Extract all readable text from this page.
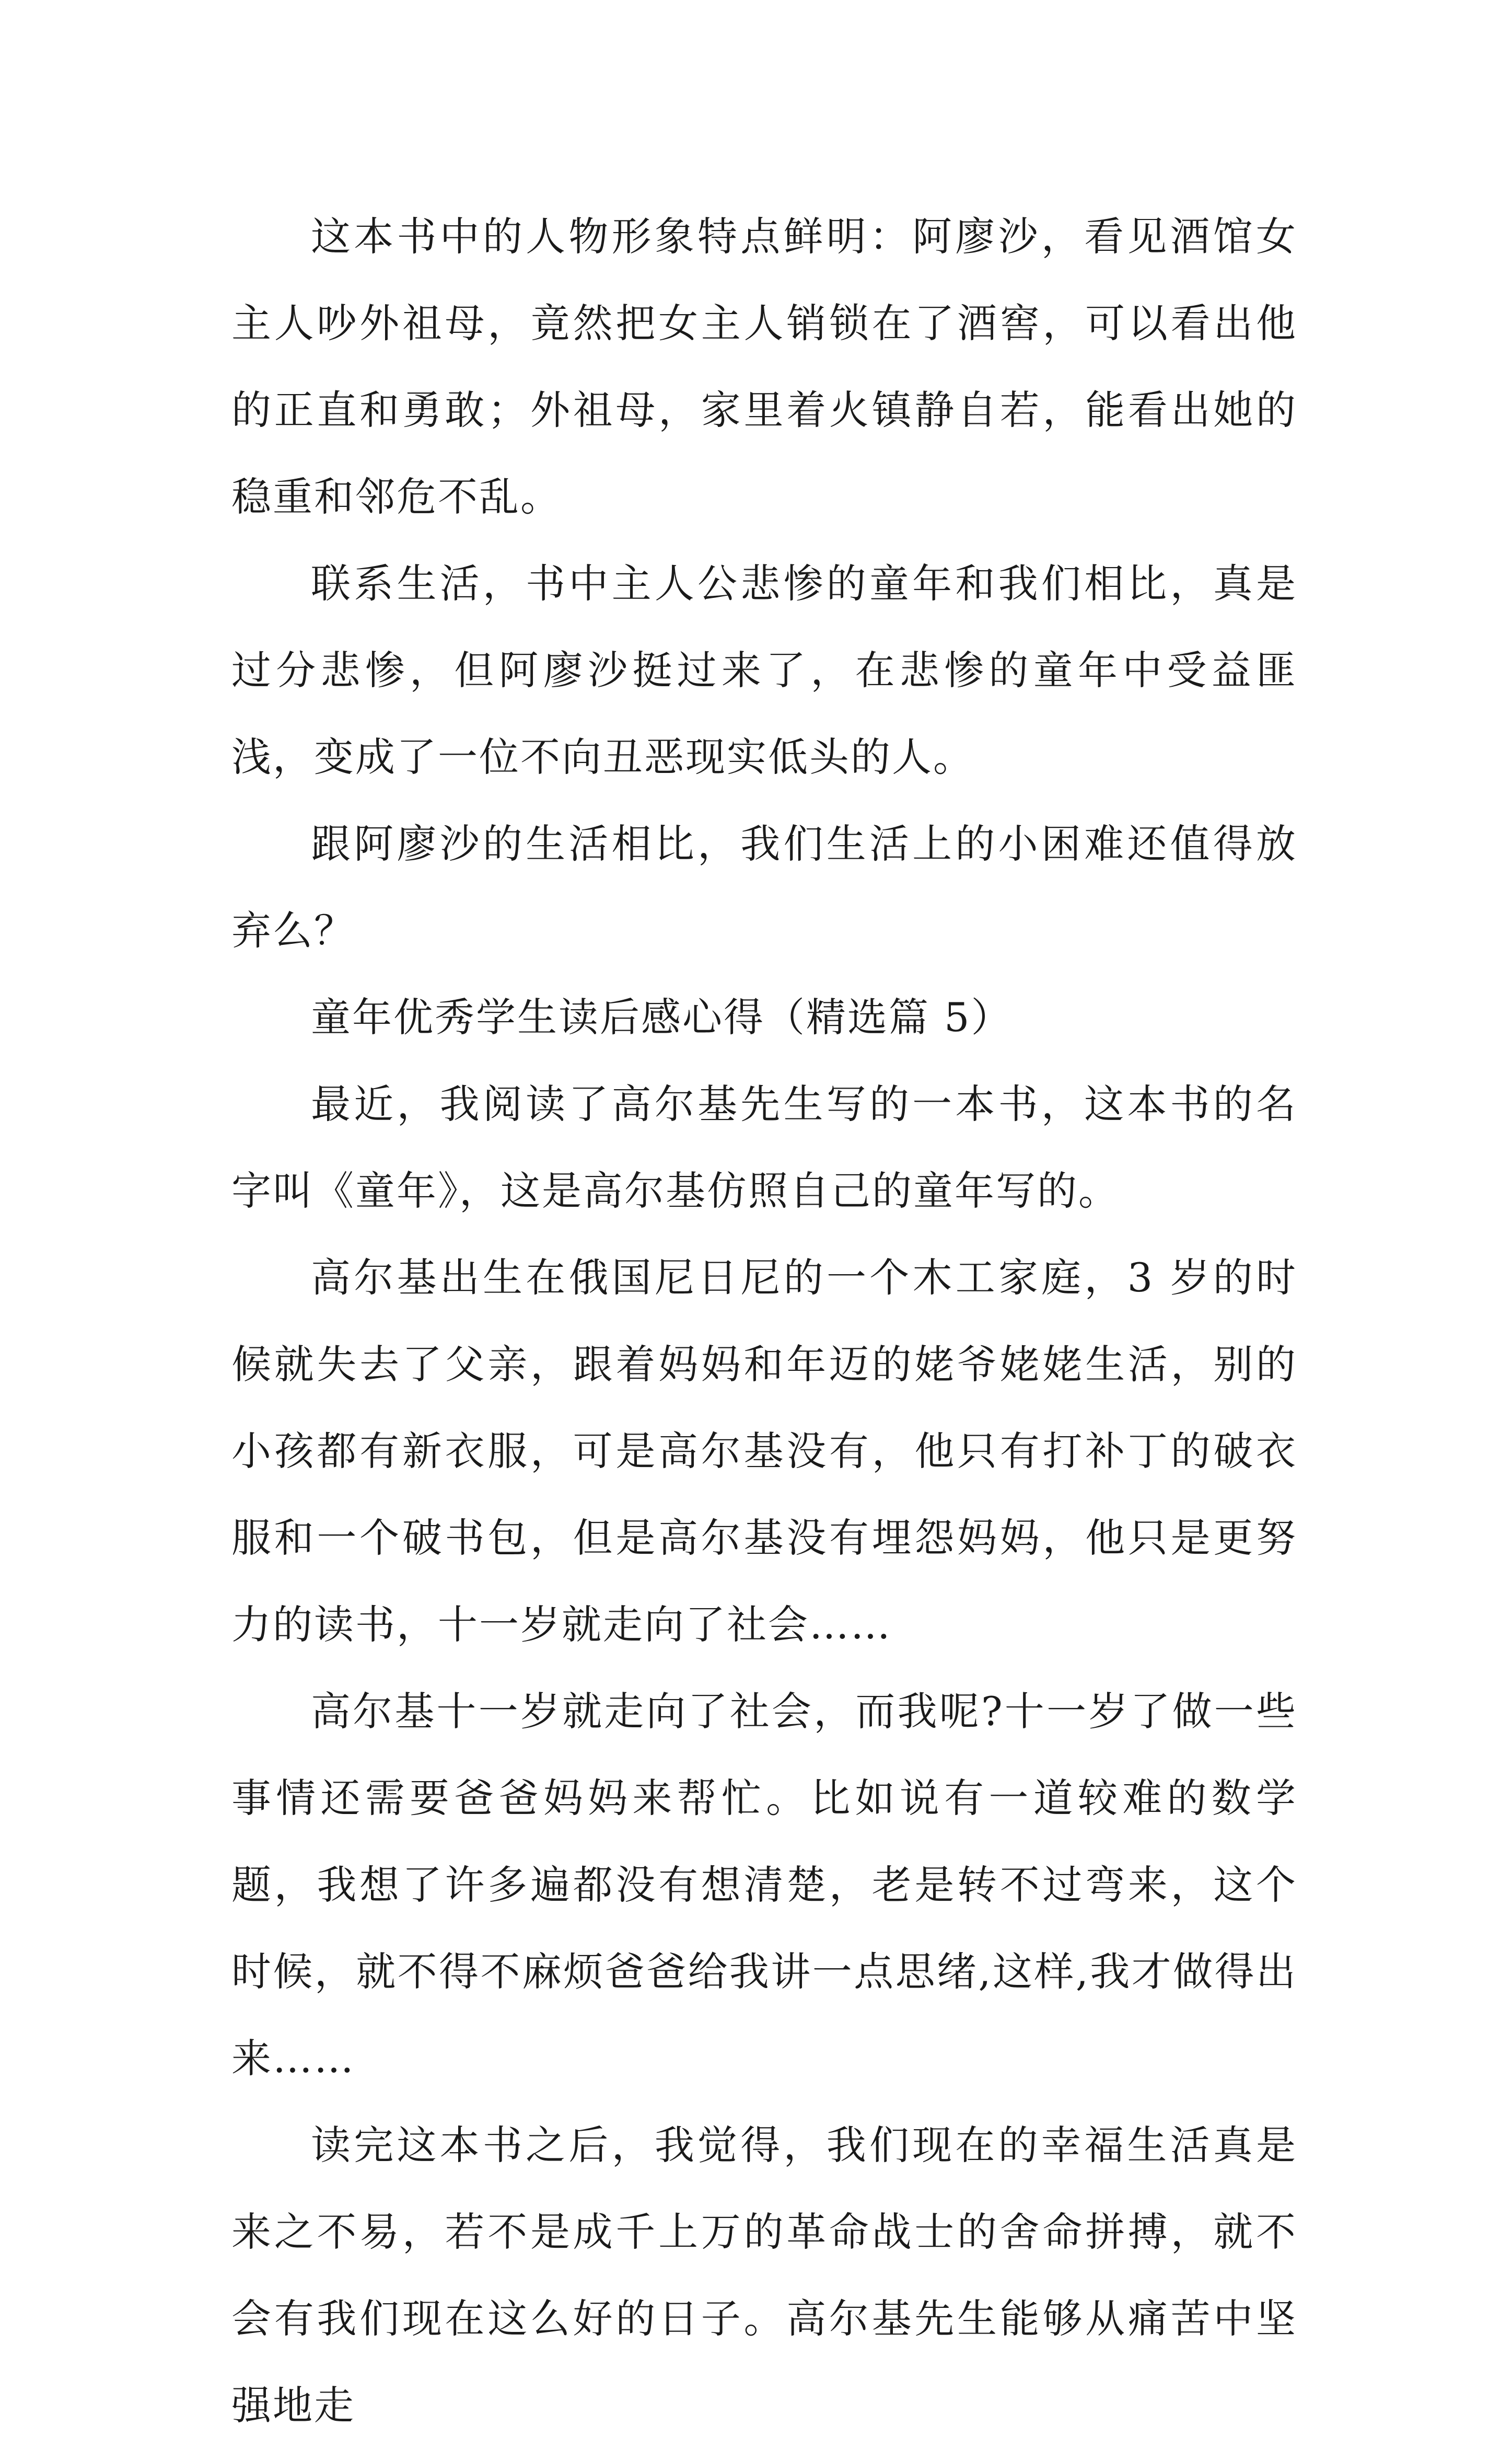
这本书中的人物形象特点鲜明：阿廖沙，看见酒馆女主人吵外祖母，竟然把女主人销锁在了酒窖，可以看出他的正直和勇敢；外祖母，家里着火镇静自若，能看出她的稳重和邻危不乱。

联系生活，书中主人公悲惨的童年和我们相比，真是过分悲惨，但阿廖沙挺过来了，在悲惨的童年中受益匪浅，变成了一位不向丑恶现实低头的人。

跟阿廖沙的生活相比，我们生活上的小困难还值得放弃么？

童年优秀学生读后感心得（精选篇 5）

最近，我阅读了高尔基先生写的一本书，这本书的名字叫《童年》，这是高尔基仿照自己的童年写的。

高尔基出生在俄国尼日尼的一个木工家庭，3 岁的时候就失去了父亲，跟着妈妈和年迈的姥爷姥姥生活，别的小孩都有新衣服，可是高尔基没有，他只有打补丁的破衣服和一个破书包，但是高尔基没有埋怨妈妈，他只是更努力的读书，十一岁就走向了社会……

高尔基十一岁就走向了社会，而我呢?十一岁了做一些事情还需要爸爸妈妈来帮忙。比如说有一道较难的数学题，我想了许多遍都没有想清楚，老是转不过弯来，这个时候，就不得不麻烦爸爸给我讲一点思绪,这样,我才做得出来……

读完这本书之后，我觉得，我们现在的幸福生活真是来之不易，若不是成千上万的革命战士的舍命拼搏，就不会有我们现在这么好的日子。高尔基先生能够从痛苦中坚强地走
